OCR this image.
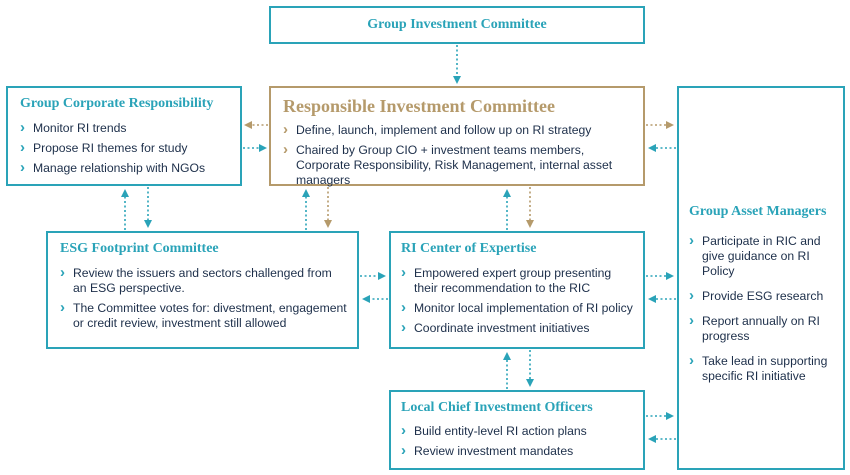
Group Investment Committee
Responsible Investment Committee
› Define, launch, implement and follow up on RI strategy
› Chaired by Group CIO + investment teams members, Corporate Responsibility, Risk Management, internal asset managers
Group Corporate Responsibility
› Monitor RI trends
› Propose RI themes for study
› Manage relationship with NGOs
ESG Footprint Committee
› Review the issuers and sectors challenged from an ESG perspective.
› The Committee votes for: divestment, engagement or credit review, investment still allowed
RI Center of Expertise
› Empowered expert group presenting their recommendation to the RIC
› Monitor local implementation of RI policy
› Coordinate investment initiatives
Local Chief Investment Officers
› Build entity-level RI action plans
› Review investment mandates
Group Asset Managers
› Participate in RIC and give guidance on RI Policy
› Provide ESG research
› Report annually on RI progress
› Take lead in supporting specific RI initiative
